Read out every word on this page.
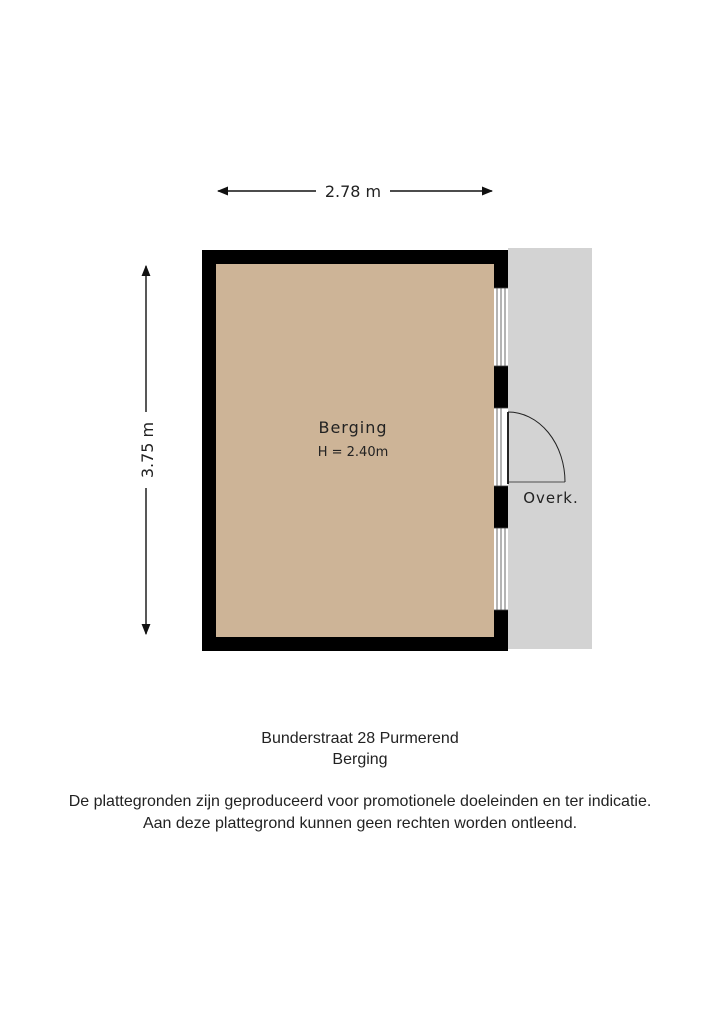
2.78 m
3.75 m	Berging
H = 2.40m
Overk.
Bunderstraat 28 Purmerend
Berging
De plattegronden zijn geproduceerd voor promotionele doeleinden en ter indicatie.
Aan deze plattegrond kunnen geen rechten worden ontleend.
